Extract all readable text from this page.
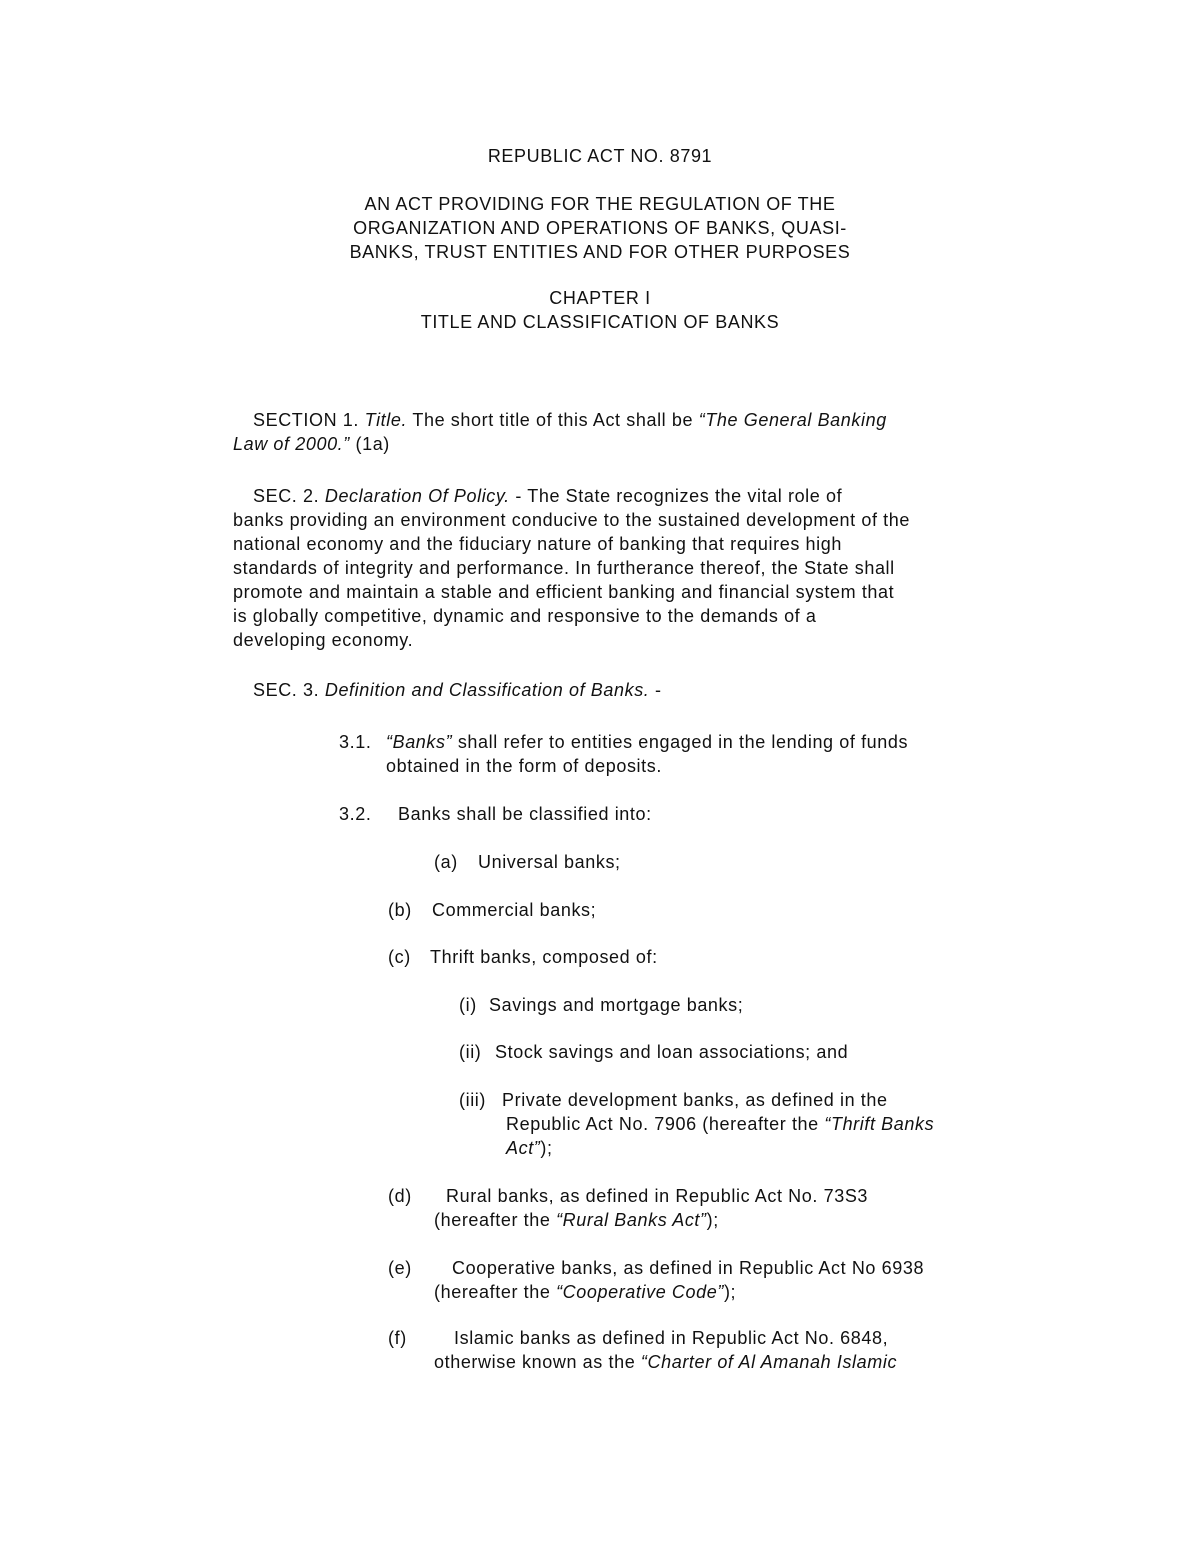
REPUBLIC ACT NO. 8791
AN ACT PROVIDING FOR THE REGULATION OF THE
ORGANIZATION AND OPERATIONS OF BANKS, QUASI-
BANKS, TRUST ENTITIES AND FOR OTHER PURPOSES
CHAPTER I
TITLE AND CLASSIFICATION OF BANKS
SECTION 1. Title. The short title of this Act shall be “The General Banking
Law of 2000.” (1a)
SEC. 2. Declaration Of Policy. - The State recognizes the vital role of
banks providing an environment conducive to the sustained development of the
national economy and the fiduciary nature of banking that requires high
standards of integrity and performance. In furtherance thereof, the State shall
promote and maintain a stable and efficient banking and financial system that
is globally competitive, dynamic and responsive to the demands of a
developing economy.
SEC. 3. Definition and Classification of Banks. -
3.1. “Banks” shall refer to entities engaged in the lending of funds
obtained in the form of deposits.
3.2. Banks shall be classified into:
(a) Universal banks;
(b) Commercial banks;
(c) Thrift banks, composed of:
(i) Savings and mortgage banks;
(ii) Stock savings and loan associations; and
(iii) Private development banks, as defined in the
Republic Act No. 7906 (hereafter the “Thrift Banks
Act”);
(d) Rural banks, as defined in Republic Act No. 73S3
(hereafter the “Rural Banks Act”);
(e) Cooperative banks, as defined in Republic Act No 6938
(hereafter the “Cooperative Code”);
(f)	Islamic banks as defined in Republic Act No. 6848,
otherwise known as the “Charter of Al Amanah Islamic
